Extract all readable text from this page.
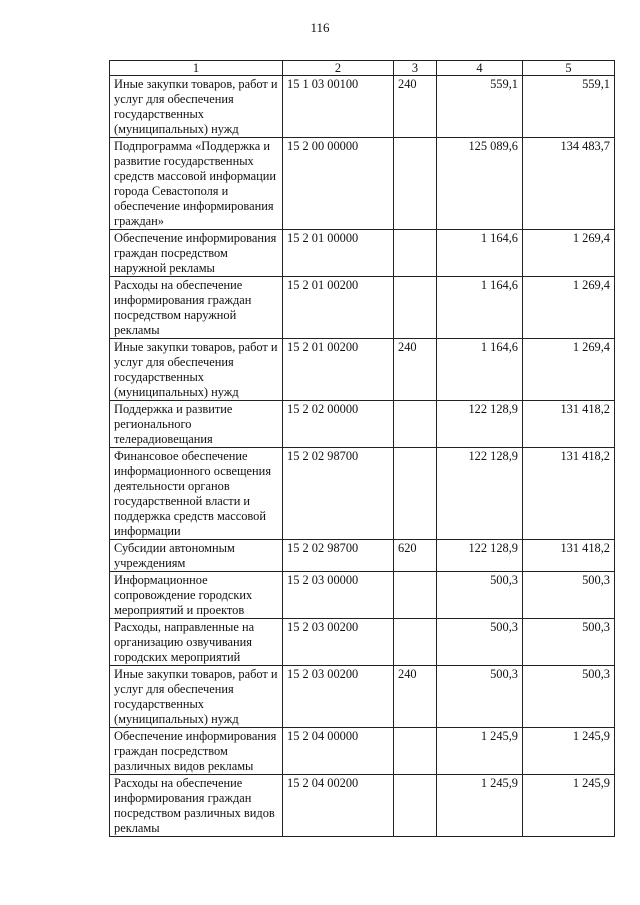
116
1	2	3	4	5
Иные закупки товаров, работ и услуг для обеспечения государственных (муниципальных) нужд	15 1 03 00100	240	559,1	559,1
Подпрограмма «Поддержка и развитие государственных средств массовой информации города Севастополя и обеспечение информирования граждан»	15 2 00 00000		125 089,6	134 483,7
Обеспечение информирования граждан посредством наружной рекламы	15 2 01 00000		1 164,6	1 269,4
Расходы на обеспечение информирования граждан посредством наружной рекламы	15 2 01 00200		1 164,6	1 269,4
Иные закупки товаров, работ и услуг для обеспечения государственных (муниципальных) нужд	15 2 01 00200	240	1 164,6	1 269,4
Поддержка и развитие регионального телерадиовещания	15 2 02 00000		122 128,9	131 418,2
Финансовое обеспечение информационного освещения деятельности органов государственной власти и поддержка средств массовой информации	15 2 02 98700		122 128,9	131 418,2
Субсидии автономным учреждениям	15 2 02 98700	620	122 128,9	131 418,2
Информационное сопровождение городских мероприятий и проектов	15 2 03 00000		500,3	500,3
Расходы, направленные на организацию озвучивания городских мероприятий	15 2 03 00200		500,3	500,3
Иные закупки товаров, работ и услуг для обеспечения государственных (муниципальных) нужд	15 2 03 00200	240	500,3	500,3
Обеспечение информирования граждан посредством различных видов рекламы	15 2 04 00000		1 245,9	1 245,9
Расходы на обеспечение информирования граждан посредством различных видов рекламы	15 2 04 00200		1 245,9	1 245,9
